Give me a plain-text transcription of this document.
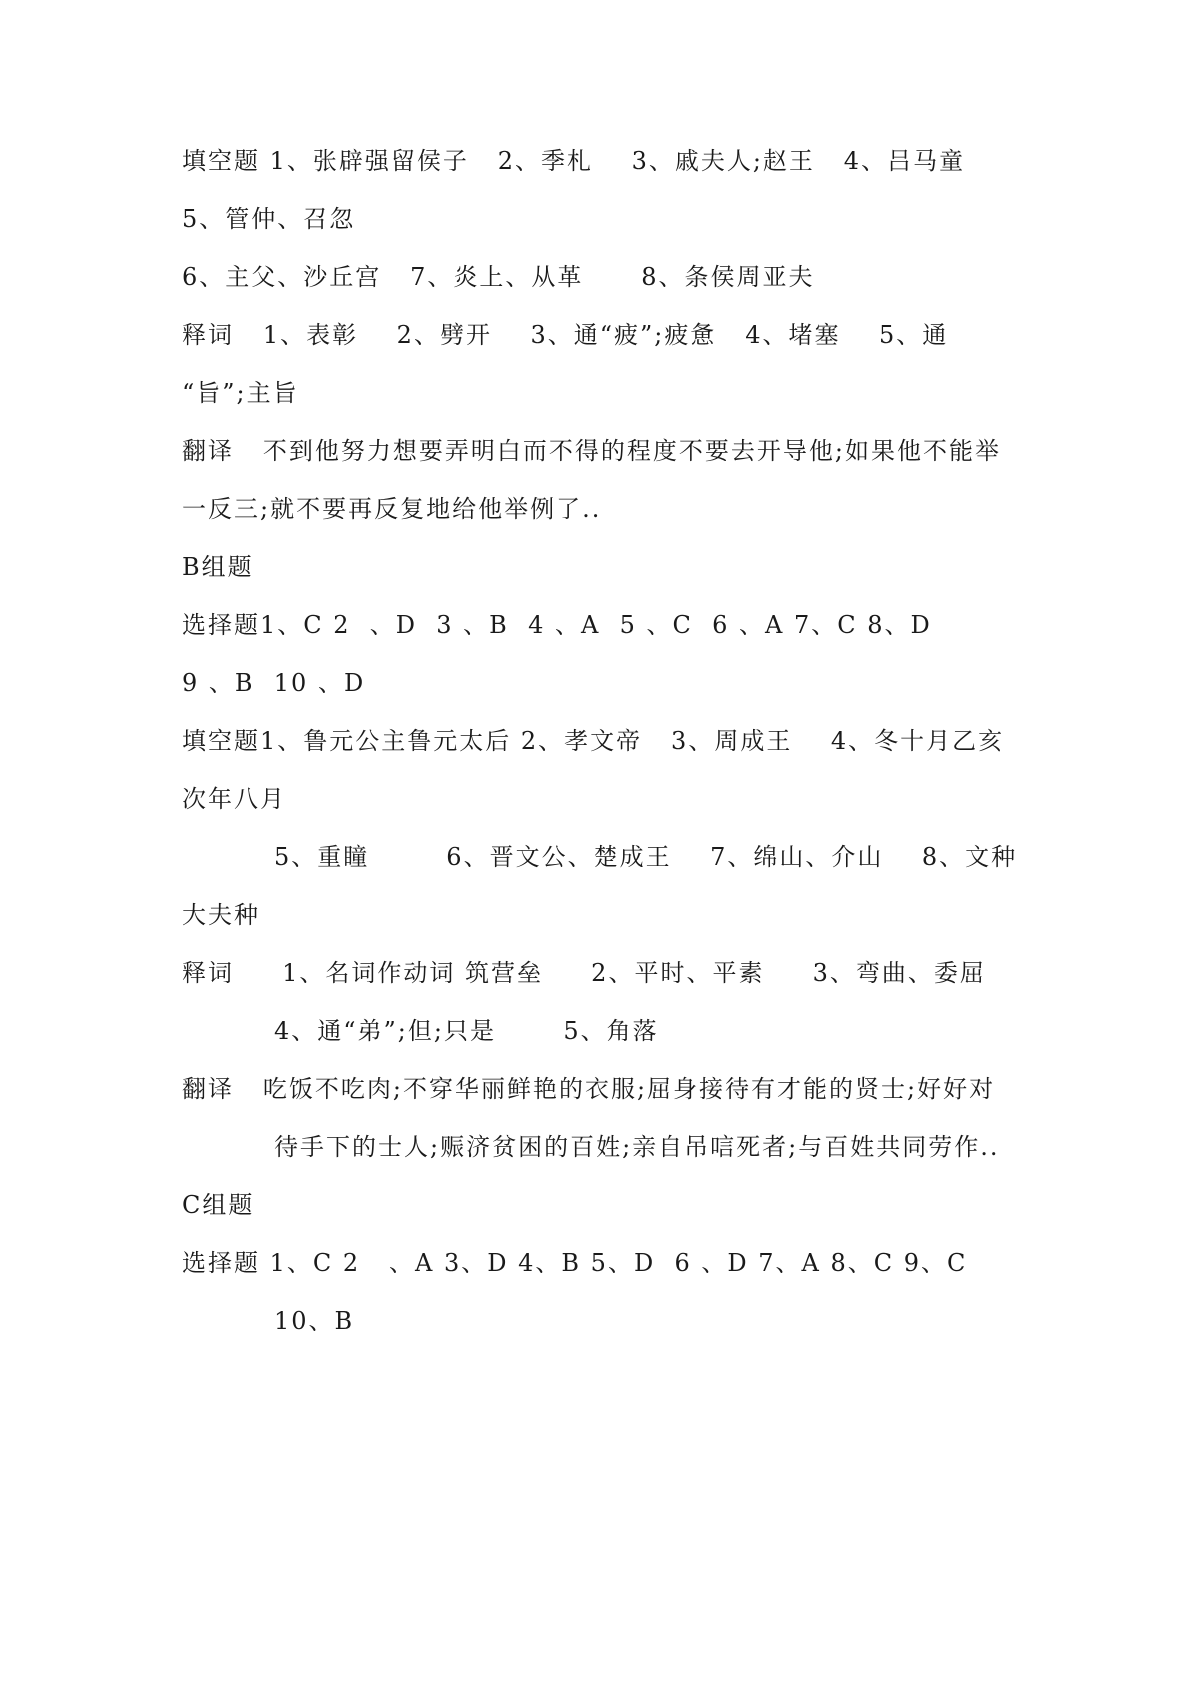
填空题 1、张辟强留侯子   2、季札    3、戚夫人;赵王   4、吕马童
5、管仲、召忽
6、主父、沙丘宫   7、炎上、从革      8、条侯周亚夫
释词   1、表彰    2、劈开    3、通“疲”;疲惫   4、堵塞    5、通
“旨”;主旨
翻译   不到他努力想要弄明白而不得的程度不要去开导他;如果他不能举
一反三;就不要再反复地给他举例了..
B组题
选择题1、C 2  、D  3 、B  4 、A  5 、C  6 、A 7、C 8、D
9 、B  10 、D
填空题1、鲁元公主鲁元太后 2、孝文帝   3、周成王    4、冬十月乙亥
次年八月
5、重瞳        6、晋文公、楚成王    7、绵山、介山    8、文种
大夫种
释词     1、名词作动词 筑营垒     2、平时、平素     3、弯曲、委屈
4、通“弟”;但;只是       5、角落
翻译   吃饭不吃肉;不穿华丽鲜艳的衣服;屈身接待有才能的贤士;好好对
待手下的士人;赈济贫困的百姓;亲自吊唁死者;与百姓共同劳作..
C组题
选择题 1、C 2   、A 3、D 4、B 5、D  6 、D 7、A 8、C 9、C
10、B
